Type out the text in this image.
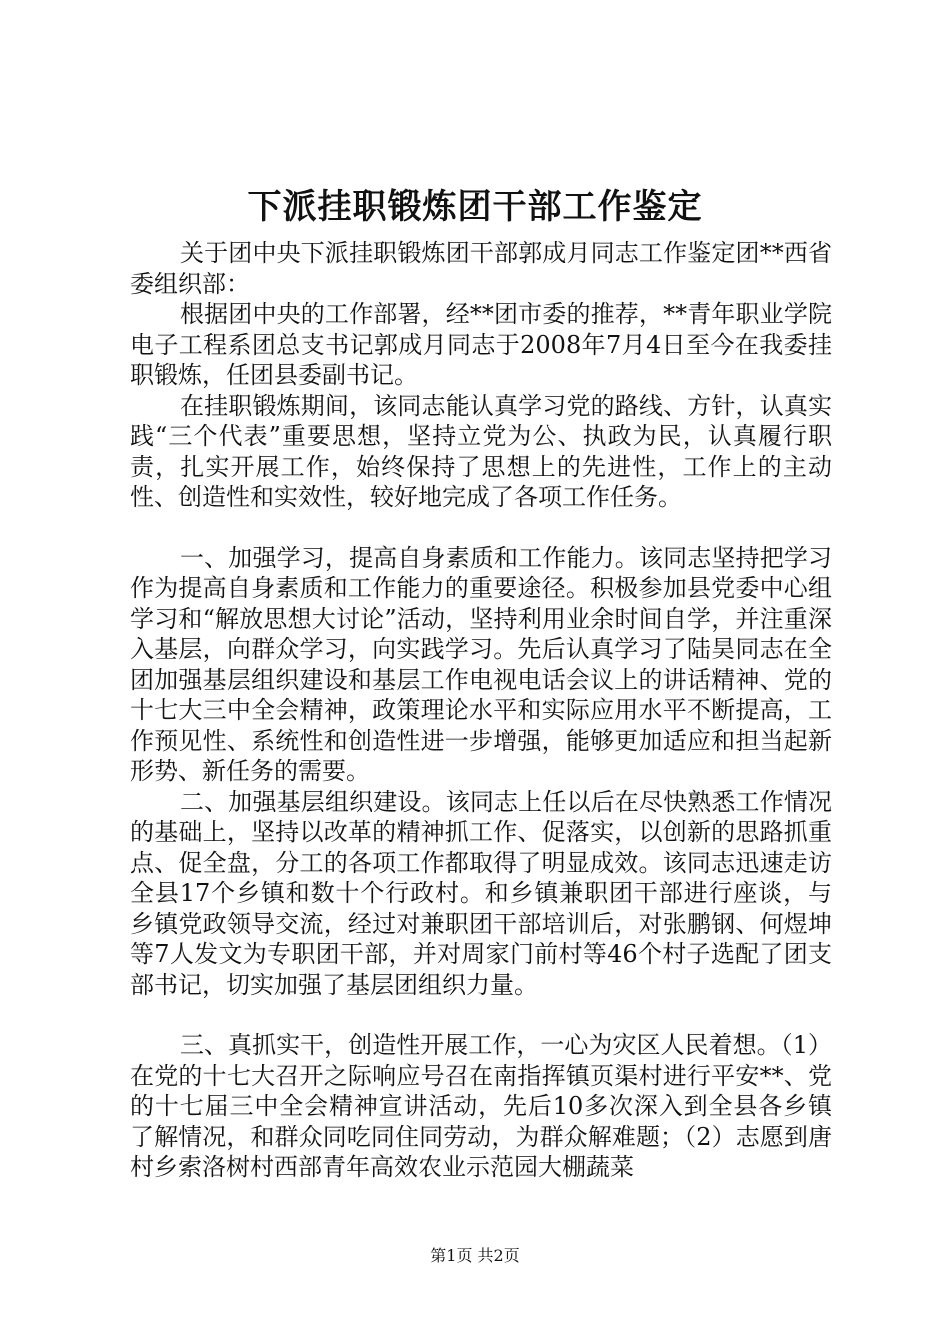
下派挂职锻炼团干部工作鉴定

关于团中央下派挂职锻炼团干部郭成月同志工作鉴定团**西省委组织部：

根据团中央的工作部署，经**团市委的推荐，**青年职业学院电子工程系团总支书记郭成月同志于2008年7月4日至今在我委挂职锻炼，任团县委副书记。

在挂职锻炼期间，该同志能认真学习党的路线、方针，认真实践“三个代表”重要思想，坚持立党为公、执政为民，认真履行职责，扎实开展工作，始终保持了思想上的先进性，工作上的主动性、创造性和实效性，较好地完成了各项工作任务。

一、加强学习，提高自身素质和工作能力。该同志坚持把学习作为提高自身素质和工作能力的重要途径。积极参加县党委中心组学习和“解放思想大讨论”活动，坚持利用业余时间自学，并注重深入基层，向群众学习，向实践学习。先后认真学习了陆昊同志在全团加强基层组织建设和基层工作电视电话会议上的讲话精神、党的十七大三中全会精神，政策理论水平和实际应用水平不断提高，工作预见性、系统性和创造性进一步增强，能够更加适应和担当起新形势、新任务的需要。

二、加强基层组织建设。该同志上任以后在尽快熟悉工作情况的基础上，坚持以改革的精神抓工作、促落实，以创新的思路抓重点、促全盘，分工的各项工作都取得了明显成效。该同志迅速走访全县17个乡镇和数十个行政村。和乡镇兼职团干部进行座谈，与乡镇党政领导交流，经过对兼职团干部培训后，对张鹏钢、何煜坤等7人发文为专职团干部，并对周家门前村等46个村子选配了团支部书记，切实加强了基层团组织力量。

三、真抓实干，创造性开展工作，一心为灾区人民着想。（1）在党的十七大召开之际响应号召在南指挥镇页渠村进行平安**、党的十七届三中全会精神宣讲活动，先后10多次深入到全县各乡镇了解情况，和群众同吃同住同劳动，为群众解难题；（2）志愿到唐村乡索洛树村西部青年高效农业示范园大棚蔬菜

第1页 共2页
